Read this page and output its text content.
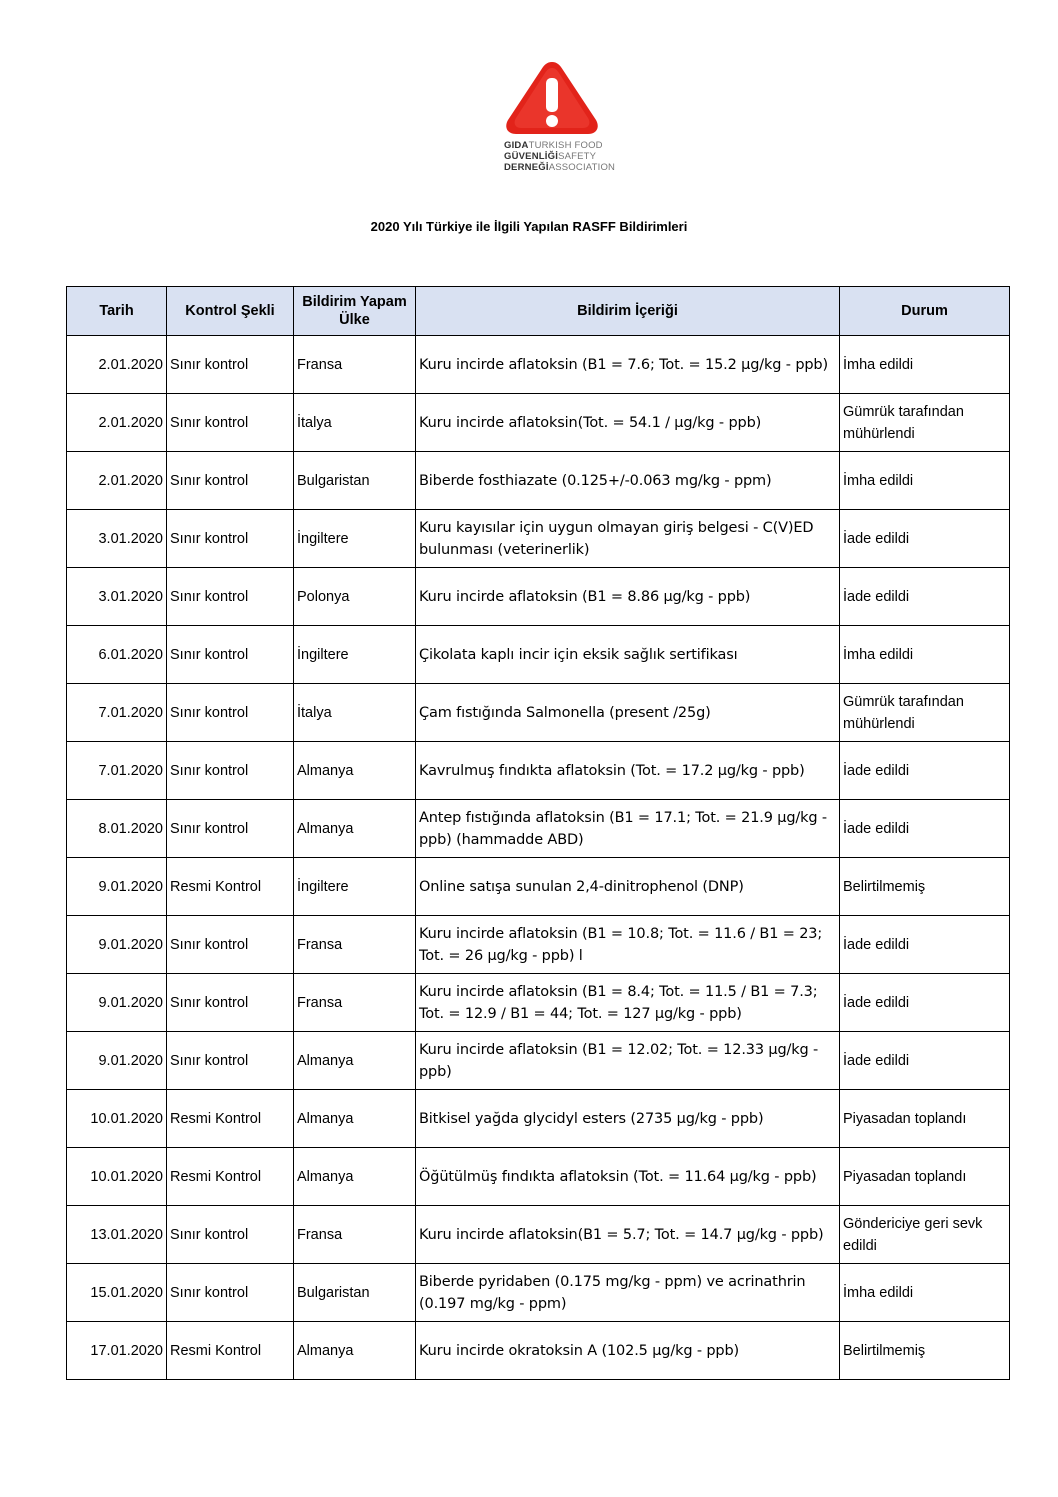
GIDATURKISH FOOD
GÜVENLİĞİSAFETY
DERNEĞİASSOCIATION
2020 Yılı Türkiye ile İlgili Yapılan RASFF Bildirimleri
Tarih	Kontrol Şekli	Bildirim Yapam Ülke	Bildirim İçeriği	Durum
2.01.2020	Sınır kontrol	Fransa	Kuru incirde aflatoksin (B1 = 7.6; Tot. = 15.2 µg/kg - ppb)	İmha edildi
2.01.2020	Sınır kontrol	İtalya	Kuru incirde aflatoksin(Tot. = 54.1 / µg/kg - ppb)	Gümrük tarafından mühürlendi
2.01.2020	Sınır kontrol	Bulgaristan	Biberde fosthiazate (0.125+/-0.063 mg/kg - ppm)	İmha edildi
3.01.2020	Sınır kontrol	İngiltere	Kuru kayısılar için uygun olmayan giriş belgesi - C(V)ED bulunması (veterinerlik)	İade edildi
3.01.2020	Sınır kontrol	Polonya	Kuru incirde aflatoksin (B1 = 8.86 µg/kg - ppb)	İade edildi
6.01.2020	Sınır kontrol	İngiltere	Çikolata kaplı incir için eksik sağlık sertifikası	İmha edildi
7.01.2020	Sınır kontrol	İtalya	Çam fıstığında Salmonella (present /25g)	Gümrük tarafından mühürlendi
7.01.2020	Sınır kontrol	Almanya	Kavrulmuş fındıkta aflatoksin (Tot. = 17.2 µg/kg - ppb)	İade edildi
8.01.2020	Sınır kontrol	Almanya	Antep fıstığında aflatoksin (B1 = 17.1; Tot. = 21.9 µg/kg - ppb) (hammadde ABD)	İade edildi
9.01.2020	Resmi Kontrol	İngiltere	Online satışa sunulan 2,4-dinitrophenol (DNP)	Belirtilmemiş
9.01.2020	Sınır kontrol	Fransa	Kuru incirde aflatoksin (B1 = 10.8; Tot. = 11.6 / B1 = 23; Tot. = 26 µg/kg - ppb) l	İade edildi
9.01.2020	Sınır kontrol	Fransa	Kuru incirde aflatoksin (B1 = 8.4; Tot. = 11.5 / B1 = 7.3; Tot. = 12.9 / B1 = 44; Tot. = 127 µg/kg - ppb)	İade edildi
9.01.2020	Sınır kontrol	Almanya	Kuru incirde aflatoksin (B1 = 12.02; Tot. = 12.33 µg/kg - ppb)	İade edildi
10.01.2020	Resmi Kontrol	Almanya	Bitkisel yağda glycidyl esters (2735 µg/kg - ppb)	Piyasadan toplandı
10.01.2020	Resmi Kontrol	Almanya	Öğütülmüş fındıkta aflatoksin (Tot. = 11.64 µg/kg - ppb)	Piyasadan toplandı
13.01.2020	Sınır kontrol	Fransa	Kuru incirde aflatoksin(B1 = 5.7; Tot. = 14.7 µg/kg - ppb)	Göndericiye geri sevk edildi
15.01.2020	Sınır kontrol	Bulgaristan	Biberde pyridaben (0.175 mg/kg - ppm) ve acrinathrin (0.197 mg/kg - ppm)	İmha edildi
17.01.2020	Resmi Kontrol	Almanya	Kuru incirde okratoksin A (102.5 µg/kg - ppb)	Belirtilmemiş
